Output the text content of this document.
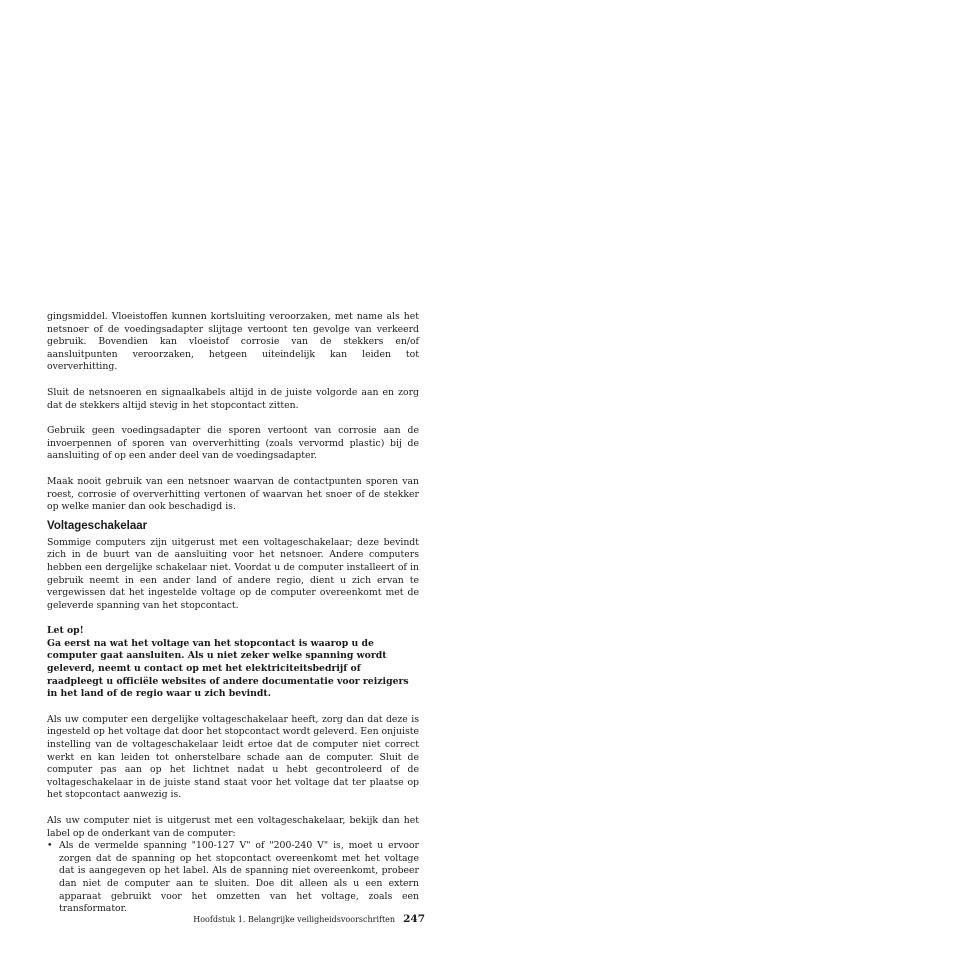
gingsmiddel. Vloeistoffen kunnen kortsluiting veroorzaken, met name als het netsnoer of de voedingsadapter slijtage vertoont ten gevolge van verkeerd gebruik. Bovendien kan vloeistof corrosie van de stekkers en/of aansluitpunten veroorzaken, hetgeen uiteindelijk kan leiden tot oververhitting.

Sluit de netsnoeren en signaalkabels altijd in de juiste volgorde aan en zorg dat de stekkers altijd stevig in het stopcontact zitten.

Gebruik geen voedingsadapter die sporen vertoont van corrosie aan de invoerpennen of sporen van oververhitting (zoals vervormd plastic) bij de aansluiting of op een ander deel van de voedingsadapter.

Maak nooit gebruik van een netsnoer waarvan de contactpunten sporen van roest, corrosie of oververhitting vertonen of waarvan het snoer of de stekker op welke manier dan ook beschadigd is.

Voltageschakelaar

Sommige computers zijn uitgerust met een voltageschakelaar; deze bevindt zich in de buurt van de aansluiting voor het netsnoer. Andere computers hebben een dergelijke schakelaar niet. Voordat u de computer installeert of in gebruik neemt in een ander land of andere regio, dient u zich ervan te vergewissen dat het ingestelde voltage op de computer overeenkomt met de geleverde spanning van het stopcontact.

Let op!
Ga eerst na wat het voltage van het stopcontact is waarop u de computer gaat aansluiten. Als u niet zeker welke spanning wordt geleverd, neemt u contact op met het elektriciteitsbedrijf of raadpleegt u officiële websites of andere documentatie voor reizigers in het land of de regio waar u zich bevindt.

Als uw computer een dergelijke voltageschakelaar heeft, zorg dan dat deze is ingesteld op het voltage dat door het stopcontact wordt geleverd. Een onjuiste instelling van de voltageschakelaar leidt ertoe dat de computer niet correct werkt en kan leiden tot onherstelbare schade aan de computer. Sluit de computer pas aan op het lichtnet nadat u hebt gecontroleerd of de voltageschakelaar in de juiste stand staat voor het voltage dat ter plaatse op het stopcontact aanwezig is.

Als uw computer niet is uitgerust met een voltageschakelaar, bekijk dan het label op de onderkant van de computer:

• Als de vermelde spanning "100-127 V" of "200-240 V" is, moet u ervoor zorgen dat de spanning op het stopcontact overeenkomt met het voltage dat is aangegeven op het label. Als de spanning niet overeenkomt, probeer dan niet de computer aan te sluiten. Doe dit alleen als u een extern apparaat gebruikt voor het omzetten van het voltage, zoals een transformator.
Hoofdstuk 1. Belangrijke veiligheidsvoorschriften 247
